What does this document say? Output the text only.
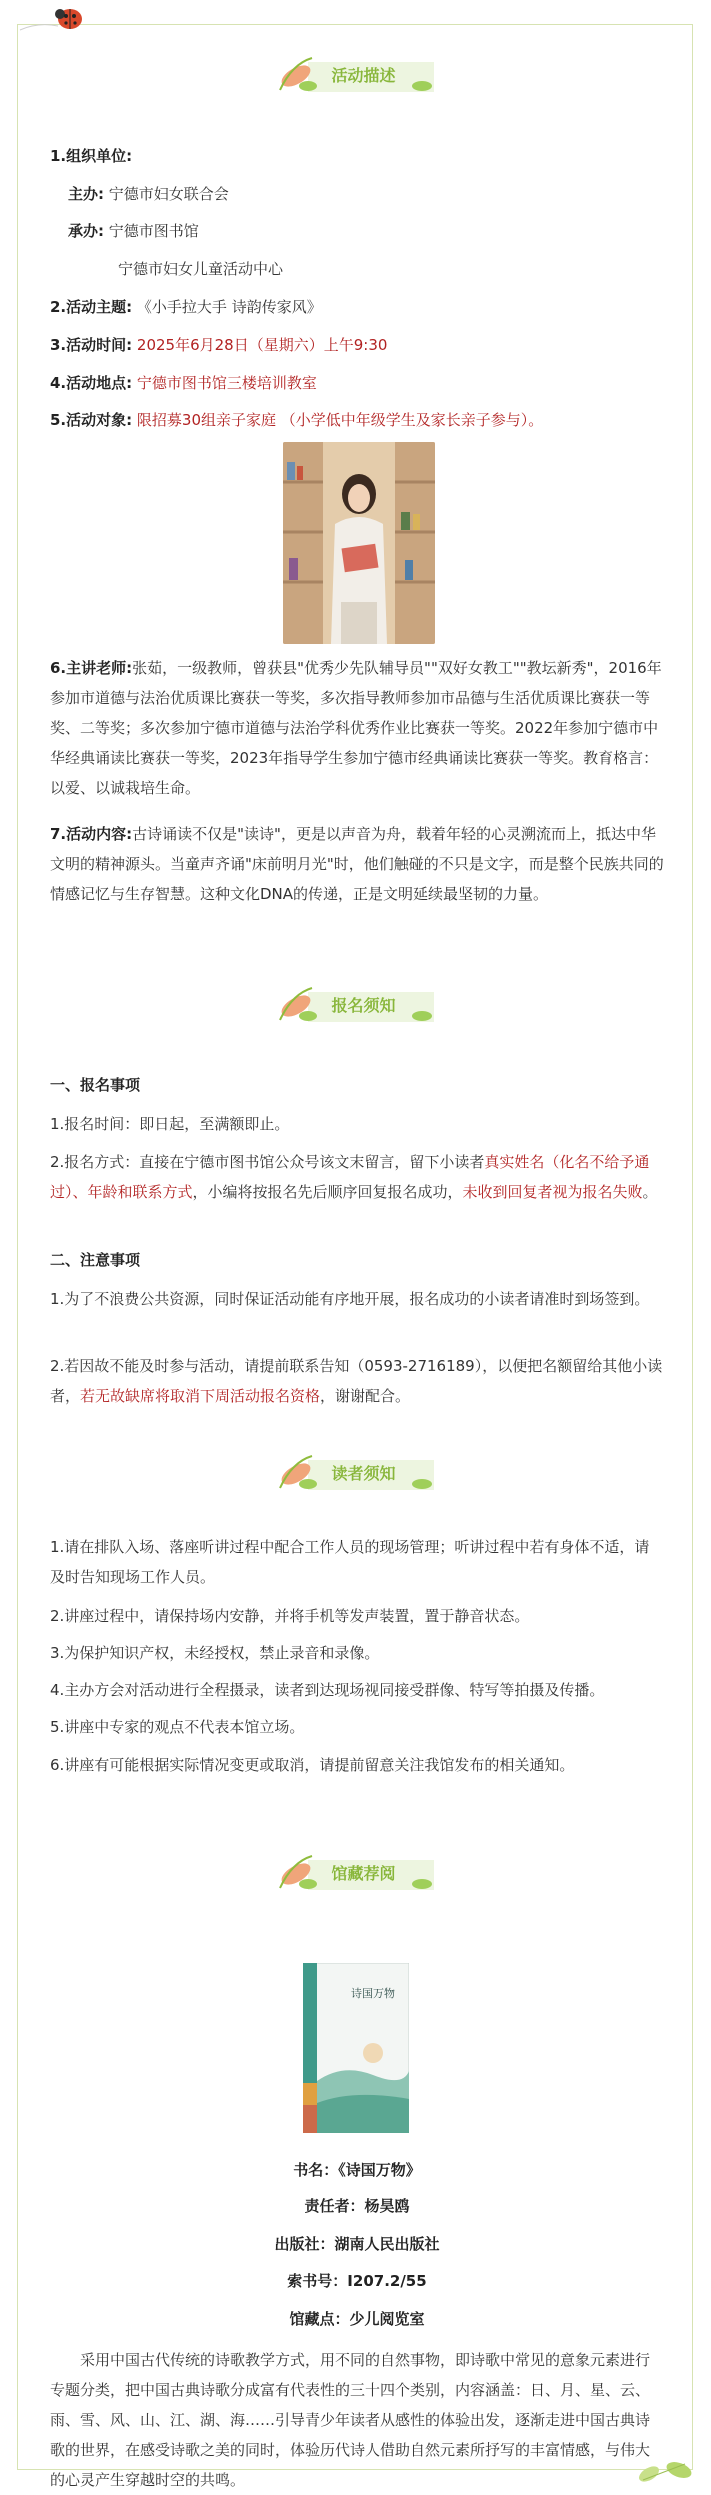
活动描述
1.组织单位:
主办: 宁德市妇女联合会
承办: 宁德市图书馆
宁德市妇女儿童活动中心
2.活动主题: 《小手拉大手 诗韵传家风》
3.活动时间: 2025年6月28日（星期六）上午9:30
4.活动地点: 宁德市图书馆三楼培训教室
5.活动对象: 限招募30组亲子家庭 （小学低中年级学生及家长亲子参与）。
6.主讲老师:张茹，一级教师，曾获县"优秀少先队辅导员""双好女教工""教坛新秀"，2016年参加市道德与法治优质课比赛获一等奖，多次指导教师参加市品德与生活优质课比赛获一等奖、二等奖；多次参加宁德市道德与法治学科优秀作业比赛获一等奖。2022年参加宁德市中华经典诵读比赛获一等奖，2023年指导学生参加宁德市经典诵读比赛获一等奖。教育格言：以爱、以诚栽培生命。
7.活动内容:古诗诵读不仅是"读诗"，更是以声音为舟，载着年轻的心灵溯流而上，抵达中华文明的精神源头。当童声齐诵"床前明月光"时，他们触碰的不只是文字，而是整个民族共同的情感记忆与生存智慧。这种文化DNA的传递，正是文明延续最坚韧的力量。
报名须知
一、报名事项
1.报名时间：即日起，至满额即止。
2.报名方式：直接在宁德市图书馆公众号该文末留言，留下小读者真实姓名（化名不给予通过）、年龄和联系方式，小编将按报名先后顺序回复报名成功，未收到回复者视为报名失败。
二、注意事项
1.为了不浪费公共资源，同时保证活动能有序地开展，报名成功的小读者请准时到场签到。
2.若因故不能及时参与活动，请提前联系告知（0593-2716189），以便把名额留给其他小读者，若无故缺席将取消下周活动报名资格，谢谢配合。
读者须知
1.请在排队入场、落座听讲过程中配合工作人员的现场管理；听讲过程中若有身体不适，请及时告知现场工作人员。
2.讲座过程中，请保持场内安静，并将手机等发声装置，置于静音状态。
3.为保护知识产权，未经授权，禁止录音和录像。
4.主办方会对活动进行全程摄录，读者到达现场视同接受群像、特写等拍摄及传播。
5.讲座中专家的观点不代表本馆立场。
6.讲座有可能根据实际情况变更或取消，请提前留意关注我馆发布的相关通知。
馆藏荐阅
诗国万物
书名：《诗国万物》
责任者：杨昊鸥
出版社：湖南人民出版社
索书号：I207.2/55
馆藏点：少儿阅览室
采用中国古代传统的诗歌教学方式，用不同的自然事物，即诗歌中常见的意象元素进行专题分类，把中国古典诗歌分成富有代表性的三十四个类别，内容涵盖：日、月、星、云、雨、雪、风、山、江、湖、海……引导青少年读者从感性的体验出发，逐渐走进中国古典诗歌的世界，在感受诗歌之美的同时，体验历代诗人借助自然元素所抒写的丰富情感，与伟大的心灵产生穿越时空的共鸣。
